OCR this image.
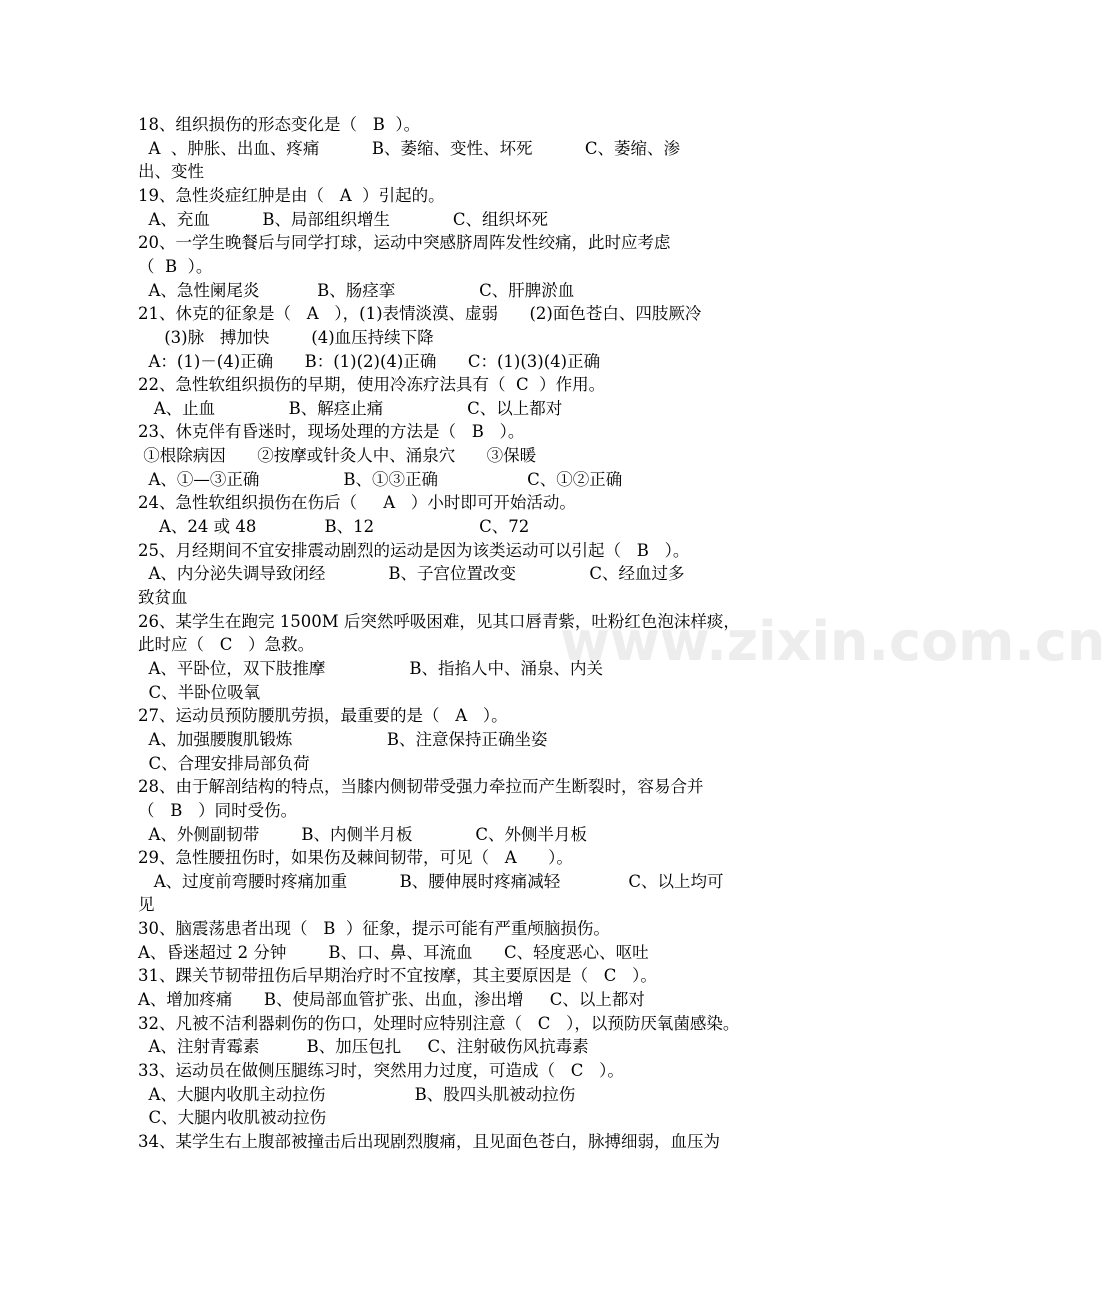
www.zixin.com.cn
18、组织损伤的形态变化是（   B  ）。
A  、肿胀、出血、疼痛          B、萎缩、变性、坏死          C、萎缩、渗
出、变性
19、急性炎症红肿是由（   A  ）引起的。
A、充血          B、局部组织增生            C、组织坏死
20、一学生晚餐后与同学打球，运动中突感脐周阵发性绞痛，此时应考虑
（  B  ）。
A、急性阑尾炎           B、肠痉挛                C、肝脾淤血
21、休克的征象是（   A   ），(1)表情淡漠、虚弱      (2)面色苍白、四肢厥冷
(3)脉   搏加快        (4)血压持续下降
A：(1)－(4)正确      B：(1)(2)(4)正确      C：(1)(3)(4)正确
22、急性软组织损伤的早期，使用冷冻疗法具有（  C  ）作用。
A、止血              B、解痉止痛                C、以上都对
23、休克伴有昏迷时，现场处理的方法是（   B   ）。
①根除病因      ②按摩或针灸人中、涌泉穴      ③保暖
A、①—③正确                B、①③正确                 C、①②正确
24、急性软组织损伤在伤后（     A   ）小时即可开始活动。
A、24 或 48             B、12                    C、72
25、月经期间不宜安排震动剧烈的运动是因为该类运动可以引起（   B   ）。
A、内分泌失调导致闭经            B、子宫位置改变              C、经血过多
致贫血
26、某学生在跑完 1500M 后突然呼吸困难，见其口唇青紫，吐粉红色泡沫样痰，
此时应（   C   ）急救。
A、平卧位，双下肢推摩                B、指掐人中、涌泉、内关
C、半卧位吸氧
27、运动员预防腰肌劳损，最重要的是（   A   ）。
A、加强腰腹肌锻炼                  B、注意保持正确坐姿
C、合理安排局部负荷
28、由于解剖结构的特点，当膝内侧韧带受强力牵拉而产生断裂时，容易合并
（   B   ）同时受伤。
A、外侧副韧带        B、内侧半月板            C、外侧半月板
29、急性腰扭伤时，如果伤及棘间韧带，可见（   A      ）。
A、过度前弯腰时疼痛加重          B、腰伸展时疼痛减轻             C、以上均可
见
30、脑震荡患者出现（   B  ）征象，提示可能有严重颅脑损伤。
A、昏迷超过 2 分钟        B、口、鼻、耳流血      C、轻度恶心、呕吐
31、踝关节韧带扭伤后早期治疗时不宜按摩，其主要原因是（   C   ）。
A、增加疼痛      B、使局部血管扩张、出血，渗出增     C、以上都对
32、凡被不洁利器刺伤的伤口，处理时应特别注意（   C   ），以预防厌氧菌感染。
A、注射青霉素         B、加压包扎     C、注射破伤风抗毒素
33、运动员在做侧压腿练习时，突然用力过度，可造成（   C   ）。
A、大腿内收肌主动拉伤                 B、股四头肌被动拉伤
C、大腿内收肌被动拉伤
34、某学生右上腹部被撞击后出现剧烈腹痛，且见面色苍白，脉搏细弱，血压为
